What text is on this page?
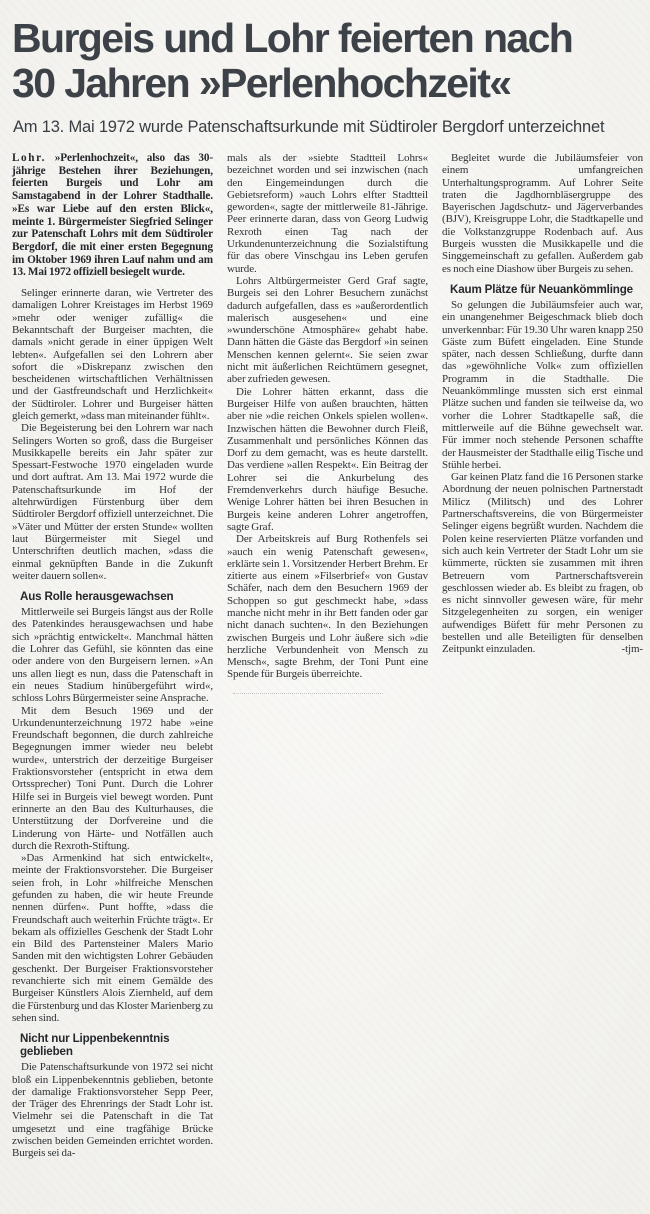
Burgeis und Lohr feierten nach
30 Jahren »Perlenhochzeit«
Am 13. Mai 1972 wurde Patenschaftsurkunde mit Südtiroler Bergdorf unterzeichnet

Lohr. »Perlenhochzeit«, also das 30-jährige Bestehen ihrer Beziehungen, feierten Burgeis und Lohr am Samstagabend in der Lohrer Stadthalle. »Es war Liebe auf den ersten Blick«, meinte 1. Bürgermeister Siegfried Selinger zur Patenschaft Lohrs mit dem Südtiroler Bergdorf, die mit einer ersten Begegnung im Oktober 1969 ihren Lauf nahm und am 13. Mai 1972 offiziell besiegelt wurde.

Selinger erinnerte daran, wie Vertreter des damaligen Lohrer Kreistages im Herbst 1969 »mehr oder weniger zufällig« die Bekanntschaft der Burgeiser machten, die damals »nicht gerade in einer üppigen Welt lebten«. Aufgefallen sei den Lohrern aber sofort die »Diskrepanz zwischen den bescheidenen wirtschaftlichen Verhältnissen und der Gastfreundschaft und Herzlichkeit« der Südtiroler. Lohrer und Burgeiser hätten gleich gemerkt, »dass man miteinander fühlt«.

Die Begeisterung bei den Lohrern war nach Selingers Worten so groß, dass die Burgeiser Musikkapelle bereits ein Jahr später zur Spessart-Festwoche 1970 eingeladen wurde und dort auftrat. Am 13. Mai 1972 wurde die Patenschaftsurkunde im Hof der altehrwürdigen Fürstenburg über dem Südtiroler Bergdorf offiziell unterzeichnet. Die »Väter und Mütter der ersten Stunde« wollten laut Bürgermeister mit Siegel und Unterschriften deutlich machen, »dass die einmal geknüpften Bande in die Zukunft weiter dauern sollen«.

Aus Rolle herausgewachsen

Mittlerweile sei Burgeis längst aus der Rolle des Patenkindes herausgewachsen und habe sich »prächtig entwickelt«. Manchmal hätten die Lohrer das Gefühl, sie könnten das eine oder andere von den Burgeisern lernen. »An uns allen liegt es nun, dass die Patenschaft in ein neues Stadium hinübergeführt wird«, schloss Lohrs Bürgermeister seine Ansprache.

Mit dem Besuch 1969 und der Urkundenunterzeichnung 1972 habe »eine Freundschaft begonnen, die durch zahlreiche Begegnungen immer wieder neu belebt wurde«, unterstrich der derzeitige Burgeiser Fraktionsvorsteher (entspricht in etwa dem Ortssprecher) Toni Punt. Durch die Lohrer Hilfe sei in Burgeis viel bewegt worden. Punt erinnerte an den Bau des Kulturhauses, die Unterstützung der Dorfvereine und die Linderung von Härte- und Notfällen auch durch die Rexroth-Stiftung.

»Das Armenkind hat sich entwickelt«, meinte der Fraktionsvorsteher. Die Burgeiser seien froh, in Lohr »hilfreiche Menschen gefunden zu haben, die wir heute Freunde nennen dürfen«. Punt hoffte, »dass die Freundschaft auch weiterhin Früchte trägt«. Er bekam als offizielles Geschenk der Stadt Lohr ein Bild des Partensteiner Malers Mario Sanden mit den wichtigsten Lohrer Gebäuden geschenkt. Der Burgeiser Fraktionsvorsteher revanchierte sich mit einem Gemälde des Burgeiser Künstlers Alois Ziernheld, auf dem die Fürstenburg und das Kloster Marienberg zu sehen sind.

Nicht nur Lippenbekenntnis geblieben

Die Patenschaftsurkunde von 1972 sei nicht bloß ein Lippenbekenntnis geblieben, betonte der damalige Fraktionsvorsteher Sepp Peer, der Träger des Ehrenrings der Stadt Lohr ist. Vielmehr sei die Patenschaft in die Tat umgesetzt und eine tragfähige Brücke zwischen beiden Gemeinden errichtet worden. Burgeis sei da-

mals als der »siebte Stadtteil Lohrs« bezeichnet worden und sei inzwischen (nach den Eingemeindungen durch die Gebietsreform) »auch Lohrs elfter Stadtteil geworden«, sagte der mittlerweile 81-Jährige. Peer erinnerte daran, dass von Georg Ludwig Rexroth einen Tag nach der Urkundenunterzeichnung die Sozialstiftung für das obere Vinschgau ins Leben gerufen wurde.

Lohrs Altbürgermeister Gerd Graf sagte, Burgeis sei den Lohrer Besuchern zunächst dadurch aufgefallen, dass es »außerordentlich malerisch ausgesehen« und eine »wunderschöne Atmosphäre« gehabt habe. Dann hätten die Gäste das Bergdorf »in seinen Menschen kennen gelernt«. Sie seien zwar nicht mit äußerlichen Reichtümern gesegnet, aber zufrieden gewesen.

Die Lohrer hätten erkannt, dass die Burgeiser Hilfe von außen brauchten, hätten aber nie »die reichen Onkels spielen wollen«. Inzwischen hätten die Bewohner durch Fleiß, Zusammenhalt und persönliches Können das Dorf zu dem gemacht, was es heute darstellt. Das verdiene »allen Respekt«. Ein Beitrag der Lohrer sei die Ankurbelung des Fremdenverkehrs durch häufige Besuche. Wenige Lohrer hätten bei ihren Besuchen in Burgeis keine anderen Lohrer angetroffen, sagte Graf.

Der Arbeitskreis auf Burg Rothenfels sei »auch ein wenig Patenschaft gewesen«, erklärte sein 1. Vorsitzender Herbert Brehm. Er zitierte aus einem »Filserbrief« von Gustav Schäfer, nach dem den Besuchern 1969 der Schoppen so gut geschmeckt habe, »dass manche nicht mehr in ihr Bett fanden oder gar nicht danach suchten«. In den Beziehungen zwischen Burgeis und Lohr äußere sich »die herzliche Verbundenheit von Mensch zu Mensch«, sagte Brehm, der Toni Punt eine Spende für Burgeis überreichte.

Begleitet wurde die Jubiläumsfeier von einem umfangreichen Unterhaltungsprogramm. Auf Lohrer Seite traten die Jagdhornbläsergruppe des Bayerischen Jagdschutz- und Jägerverbandes (BJV), Kreisgruppe Lohr, die Stadtkapelle und die Volkstanzgruppe Rodenbach auf. Aus Burgeis wussten die Musikkapelle und die Singgemeinschaft zu gefallen. Außerdem gab es noch eine Diashow über Burgeis zu sehen.

Kaum Plätze für Neuankömmlinge

So gelungen die Jubiläumsfeier auch war, ein unangenehmer Beigeschmack blieb doch unverkennbar: Für 19.30 Uhr waren knapp 250 Gäste zum Büfett eingeladen. Eine Stunde später, nach dessen Schließung, durfte dann das »gewöhnliche Volk« zum offiziellen Programm in die Stadthalle. Die Neuankömmlinge mussten sich erst einmal Plätze suchen und fanden sie teilweise da, wo vorher die Lohrer Stadtkapelle saß, die mittlerweile auf die Bühne gewechselt war. Für immer noch stehende Personen schaffte der Hausmeister der Stadthalle eilig Tische und Stühle herbei.

Gar keinen Platz fand die 16 Personen starke Abordnung der neuen polnischen Partnerstadt Milicz (Militsch) und des Lohrer Partnerschaftsvereins, die von Bürgermeister Selinger eigens begrüßt wurden. Nachdem die Polen keine reservierten Plätze vorfanden und sich auch kein Vertreter der Stadt Lohr um sie kümmerte, rückten sie zusammen mit ihren Betreuern vom Partnerschaftsverein geschlossen wieder ab. Es bleibt zu fragen, ob es nicht sinnvoller gewesen wäre, für mehr Sitzgelegenheiten zu sorgen, ein weniger aufwendiges Büfett für mehr Personen zu bestellen und alle Beteiligten für denselben Zeitpunkt einzuladen.	-tjm-
